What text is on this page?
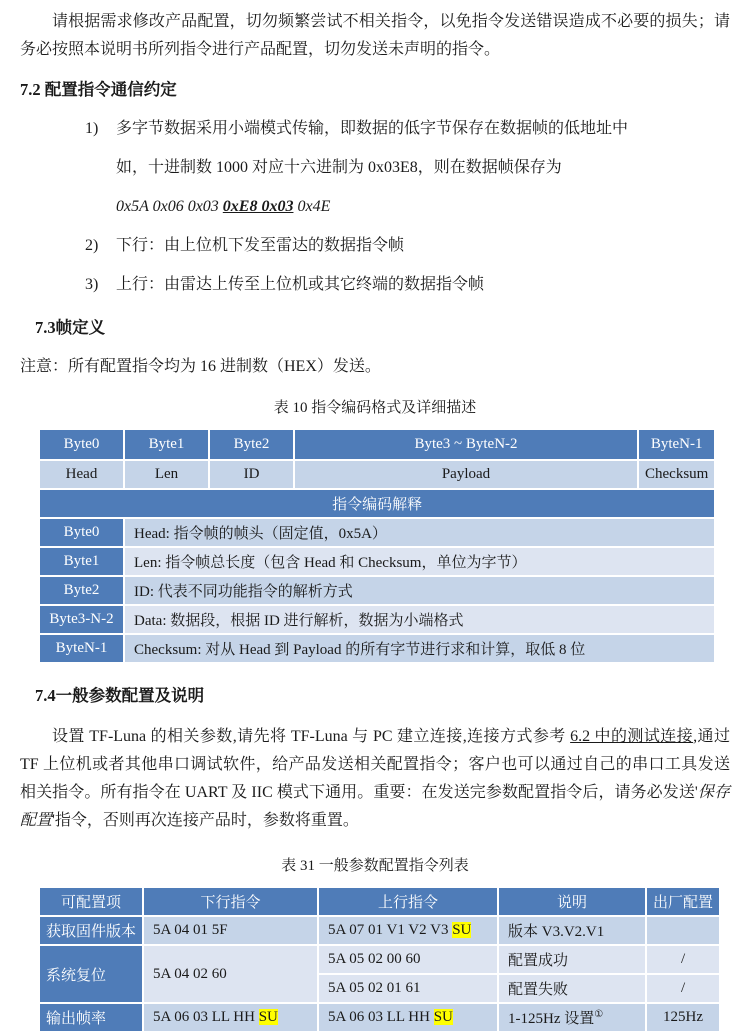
请根据需求修改产品配置，切勿频繁尝试不相关指令，以免指令发送错误造成不必要的损失；请务必按照本说明书所列指令进行产品配置，切勿发送未声明的指令。

7.2 配置指令通信约定

1)	多字节数据采用小端模式传输，即数据的低字节保存在数据帧的低地址中
如，十进制数 1000 对应十六进制为 0x03E8，则在数据帧保存为
0x5A 0x06 0x03 0xE8 0x03 0x4E
2)	下行：由上位机下发至雷达的数据指令帧
3)	上行：由雷达上传至上位机或其它终端的数据指令帧

7.3帧定义

注意：所有配置指令均为 16 进制数（HEX）发送。
表 10 指令编码格式及详细描述
Byte0	Byte1	Byte2	Byte3 ~ ByteN-2	ByteN-1
Head	Len	ID	Payload	Checksum
指令编码解释				
Byte0	Head: 指令帧的帧头（固定值，0x5A）			
Byte1	Len: 指令帧总长度（包含 Head 和 Checksum，单位为字节）			
Byte2	ID: 代表不同功能指令的解析方式			
Byte3-N-2	Data: 数据段，根据 ID 进行解析，数据为小端格式			
ByteN-1	Checksum: 对从 Head 到 Payload 的所有字节进行求和计算，取低 8 位			

7.4一般参数配置及说明

设置 TF-Luna 的相关参数,请先将 TF-Luna 与 PC 建立连接,连接方式参考 6.2 中的测试连接,通过 TF 上位机或者其他串口调试软件，给产品发送相关配置指令；客户也可以通过自己的串口工具发送相关指令。所有指令在 UART 及 IIC 模式下通用。重要：在发送完参数配置指令后，请务必发送'保存配置'指令，否则再次连接产品时，参数将重置。

表 31 一般参数配置指令列表
可配置项	下行指令	上行指令	说明	出厂配置
获取固件版本	5A 04 01 5F	5A 07 01 V1 V2 V3 SU	版本 V3.V2.V1	
系统复位	5A 04 02 60	5A 05 02 00 60	配置成功	/
		5A 05 02 01 61	配置失败	/
输出帧率	5A 06 03 LL HH SU	5A 06 03 LL HH SU	1-125Hz 设置①	125Hz
